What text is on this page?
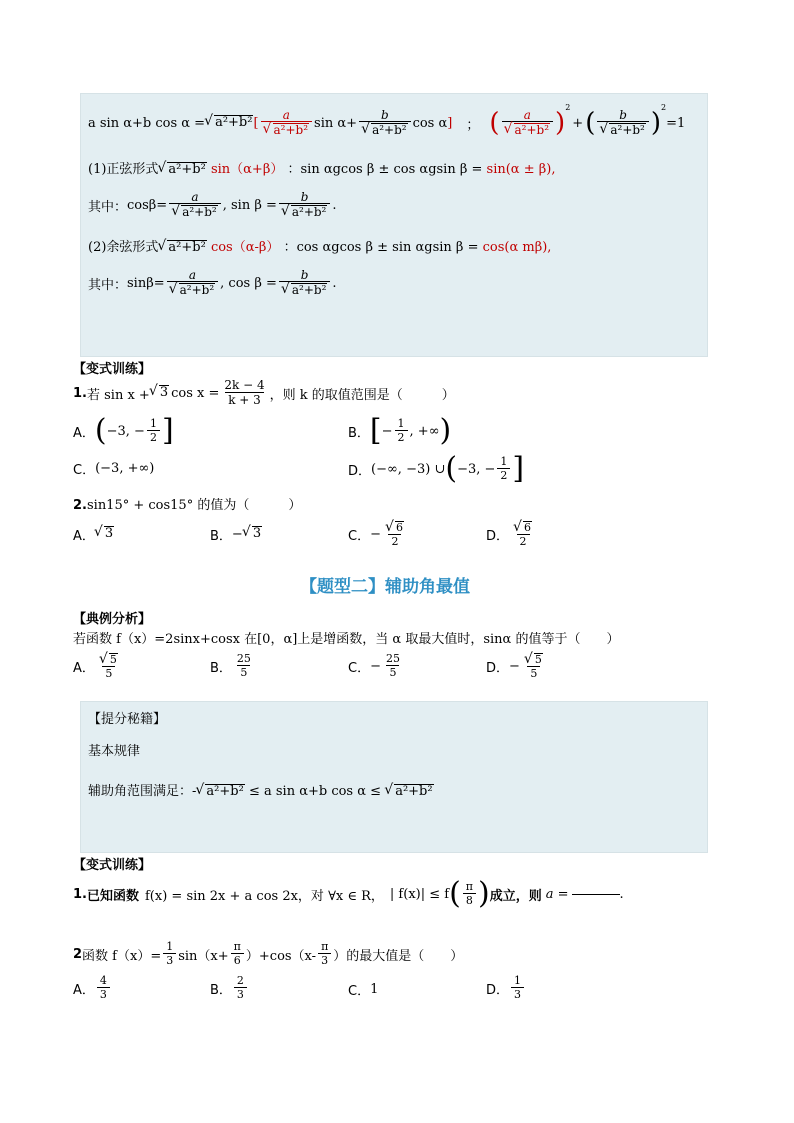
a sin α+b cos α = √ a²+b² [ a
√ a²+b² sin α+ b
√ a²+b² cos α ] ； ( a
√ a²+b² )
$^2$
+ ( b
√ a²+b² )
$^2$
=1
(1)正弦形式 √ a²+b² sin（α+β） ：sin αgcos β ± cos αgsin β = sin(α ± β),
其中： cosβ= a
√ a²+b² , sin β = b
√ a²+b² .
(2)余弦形式 √ a²+b² cos（α-β） ：cos αgcos β ± sin αgsin β = cos(α mβ),
其中： sinβ= a
√ a²+b² , cos β = b
√ a²+b² .
【变式训练】
1. 若 sin x + √ 3 $\cos x = \frac{2k - 4}{k + 3}$ ，则 k 的取值范围是（　　　）
A． ( −3, − $\frac{1}{2}$ ]	B． [ − $\frac{1}{2}$ , +∞ )
C． (−3, +∞)	D． (−∞, −3) ∪ ( −3, − $\frac{1}{2}$ ]
2.sin15° + cos15° 的值为（　　　）
A． √ 3	B． − √ 3	C． − √ $\frac{6}{2}$	D． √ $\frac{6}{2}$
【题型二】辅助角最值
【典例分析】
若函数 f（x）=2sinx+cosx 在[0，α]上是增函数，当 α 取最大值时，sinα 的值等于（　　）
A． √ $\frac{5}{5}$	B． $\frac{25}{5}$	C． − $\frac{25}{5}$	D． − √ $\frac{5}{5}$
【提分秘籍】
基本规律
辅助角范围满足：- √ a²+b² ≤ a sin α+b cos α ≤ √ a²+b²
【变式训练】
1. 已知函数 f(x) = sin 2x + a cos 2x，对 ∀x ∈ R， | f(x)| ≤ f ( $\frac{\pi}{8}$ ) 成立，则 a =	.
2 函数 $f(x)= \frac{1}{3} \sin(x+ \frac{\pi}{6} )+\cos(x- \frac{\pi}{3}$ ）的最大值是（　　）
A． $\frac{4}{3}$	B． $\frac{2}{3}$	C． 1	D． $\frac{1}{3}$
